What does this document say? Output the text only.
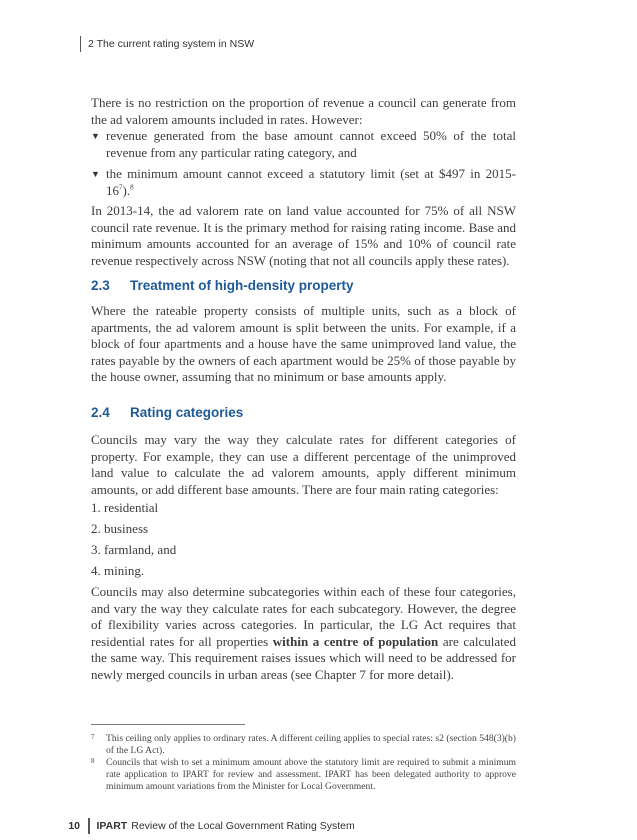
2 The current rating system in NSW

There is no restriction on the proportion of revenue a council can generate from the ad valorem amounts included in rates. However:

▼ revenue generated from the base amount cannot exceed 50% of the total revenue from any particular rating category, and
▼ the minimum amount cannot exceed a statutory limit (set at $497 in $2015-16^7).^8$

In 2013-14, the ad valorem rate on land value accounted for 75% of all NSW council rate revenue. It is the primary method for raising rating income. Base and minimum amounts accounted for an average of 15% and 10% of council rate revenue respectively across NSW (noting that not all councils apply these rates).

2.3 Treatment of high-density property

Where the rateable property consists of multiple units, such as a block of apartments, the ad valorem amount is split between the units. For example, if a block of four apartments and a house have the same unimproved land value, the rates payable by the owners of each apartment would be 25% of those payable by the house owner, assuming that no minimum or base amounts apply.

2.4 Rating categories

Councils may vary the way they calculate rates for different categories of property. For example, they can use a different percentage of the unimproved land value to calculate the ad valorem amounts, apply different minimum amounts, or add different base amounts. There are four main rating categories:

1. residential
2. business
3. farmland, and
4. mining.

Councils may also determine subcategories within each of these four categories, and vary the way they calculate rates for each subcategory. However, the degree of flexibility varies across categories. In particular, the LG Act requires that residential rates for all properties within a centre of population are calculated the same way. This requirement raises issues which will need to be addressed for newly merged councils in urban areas (see Chapter 7 for more detail).

7 This ceiling only applies to ordinary rates. A different ceiling applies to special rates: s2 (section 548(3)(b) of the LG Act).
8 Councils that wish to set a minimum amount above the statutory limit are required to submit a minimum rate application to IPART for review and assessment. IPART has been delegated authority to approve minimum amount variations from the Minister for Local Government.
10 IPART Review of the Local Government Rating System
